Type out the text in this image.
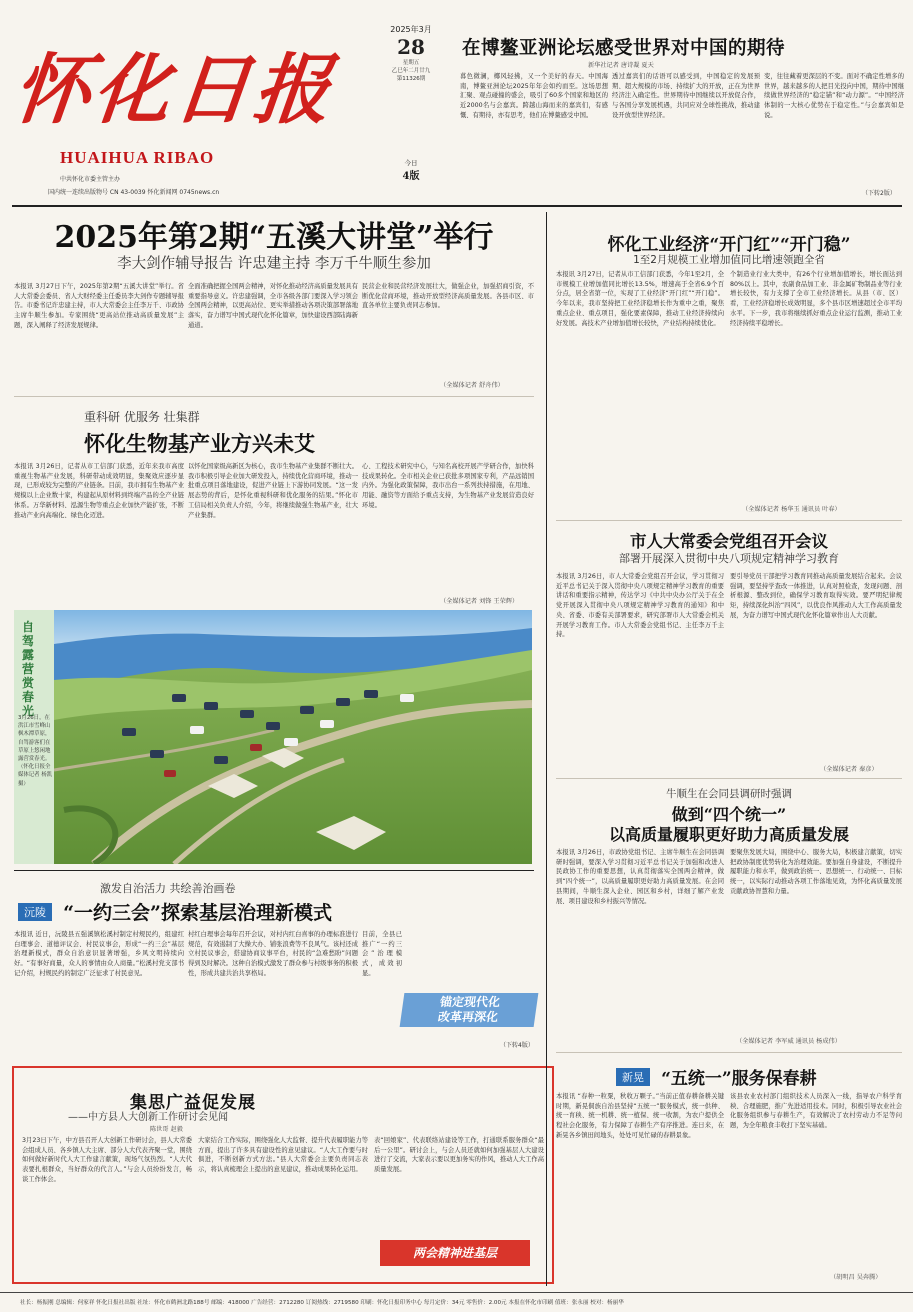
怀化日报
HUAIHUA RIBAO
中共怀化市委主管主办
国内统一连续出版物号 CN 43-0039 怀化新闻网 0745news.cn
2025年3月
28
星期五
乙巳年二月廿九
第11326期
今日
4版
在博鳌亚洲论坛感受世界对中国的期待
新华社记者 唐诗凝 夏天
暮色微澜，椰风轻拂，又一个美好的春天。中国海南，博鳌亚洲论坛2025年年会如约而至。这场思想汇聚、观点碰撞的盛会，吸引了60多个国家和地区的近2000名与会嘉宾。跨越山海而来的嘉宾们，有感慨、有期待，亦有思考，他们在博鳌感受中国。
透过嘉宾们的话语可以感受到，中国稳定的发展预期、超大规模的市场、持续扩大的开放，正在为世界经济注入确定性。世界期待中国继续以开放促合作，与各国分享发展机遇，共同应对全球性挑战，推动建设开放型世界经济。
变，往往藏着更深层的不变。面对不确定性增多的世界，越来越多的人把目光投向中国，期待中国继续做世界经济的“稳定锚”和“动力源”。“中国经济体制的一大核心优势在于稳定性。”与会嘉宾如是说。
（下转2版）
2025年第2期“五溪大讲堂”举行
李大剑作辅导报告 许忠建主持 李万千牛顺生参加
本报讯 3月27日下午，2025年第2期“五溪大讲堂”举行。省人大常委会委员、省人大财经委主任委员李大剑作专题辅导报告。市委书记许忠建主持，市人大常委会主任李万千、市政协主席牛顺生参加。专家围绕“更高站位推动高质量发展”主题，深入阐释了经济发展规律。
全面准确把握全国两会精神，对怀化推动经济高质量发展具有重要指导意义。许忠建强调，全市各级各部门要深入学习领会全国两会精神，以更高站位、更实举措推动各项决策部署落地落实，奋力谱写中国式现代化怀化篇章，加快建设西部陆海新通道。
民营企业和民营经济发展壮大，做强企业，加强招商引资，不断优化营商环境，推动开放型经济高质量发展。各县市区、市直各单位主要负责同志参加。
（全媒体记者 舒舟伟）
重科研 优服务 壮集群
怀化生物基产业方兴未艾
本报讯 3月26日，记者从市工信部门获悉，近年来我市高度重视生物基产业发展，科研带动成效明显，集聚效应逐步显现，已形成较为完整的产业链条。目前，我市拥有生物基产业规模以上企业数十家，构建起从原材料到终端产品的全产业链体系。万华新材料、泓源生物等重点企业加快产能扩张，不断推动产业向高端化、绿色化迈进。
以怀化国家级高新区为核心，我市生物基产业集群不断壮大。我市积极引导企业加大研发投入，持续优化营商环境，推动一批重点项目落地建设，促进产业链上下游协同发展。“这一发展态势的背后，是怀化重视科研和优化服务的结果。”怀化市工信局相关负责人介绍，今年，将继续做强生物基产业，壮大产业集群。
心、工程技术研究中心，与知名高校开展产学研合作，加快科技成果转化。全市相关企业已获批多项国家专利，产品远销国内外。为强化政策保障，我市出台一系列扶持措施，在用地、用能、融资等方面给予重点支持，为生物基产业发展营造良好环境。
（全媒体记者 刘锋 王荣辉）
自驾露营赏春光
3月26日，在洪江市雪峰山枫木潭草原，自驾游客们在草原上悠闲地露营赏春光。（怀化日报全媒体记者 杨凯 摄）
激发自治活力 共绘善治画卷
沅陵 “一约三会”探索基层治理新模式
本报讯 近日，沅陵县五强溪镇松溪村制定村规民约，组建红白理事会、道德评议会、村民议事会，形成“一约三会”基层治理新模式，群众自治意识显著增强，乡风文明持续向好。“有事好商量，众人的事情由众人商量。”松溪村党支部书记介绍，村规民约的制定广泛征求了村民意见。
村红白理事会每年召开会议，对村内红白喜事的办理标准进行规范，有效遏制了大操大办、铺张浪费等不良风气。该村还成立村民议事会，搭建协商议事平台，村民的“急难愁盼”问题得到及时解决。这种自治模式激发了群众参与村级事务的积极性，形成共建共治共享格局。
目前，全县已推广“一约三会”治理模式，成效初显。
锚定现代化
改革再深化
（下转4版）
集思广益促发展
——中方县人大创新工作研讨会见闻
陈世哥 赵毅
3月23日下午，中方县召开人大创新工作研讨会，县人大常委会组成人员、各乡镇人大主席、部分人大代表齐聚一堂，围绕如何做好新时代人大工作建言献策，现场气氛热烈。“人大代表要扎根群众，当好群众的代言人。”与会人员纷纷发言，畅谈工作体会。
大家结合工作实际，围绕强化人大监督、提升代表履职能力等方面，提出了许多具有建设性的意见建议。“人大工作要与时俱进，不断创新方式方法。”县人大常委会主要负责同志表示，将认真梳理会上提出的意见建议，推动成果转化运用。
表“回娘家”、代表联络站建设等工作，打通联系服务群众“最后一公里”。研讨会上，与会人员还就如何加强基层人大建设进行了交流，大家表示要以更加务实的作风，推动人大工作高质量发展。
两会精神进基层
怀化工业经济“开门红”“开门稳”
1至2月规模工业增加值同比增速领跑全省
本报讯 3月27日，记者从市工信部门获悉，今年1至2月，全市规模工业增加值同比增长13.5%，增速高于全省6.9个百分点，居全省第一位，实现了工业经济“开门红”“开门稳”。今年以来，我市坚持把工业经济稳增长作为重中之重，聚焦重点企业、重点项目，强化要素保障，推动工业经济持续向好发展。高技术产业增加值增长较快，产业结构持续优化。
个制造业行业大类中，有26个行业增加值增长，增长面达到80%以上。其中，农副食品加工业、非金属矿物制品业等行业增长较快，有力支撑了全市工业经济增长。从县（市、区）看，工业经济稳增长成效明显，多个县市区增速超过全市平均水平。下一步，我市将继续抓好重点企业运行监测，推动工业经济持续平稳增长。
（全媒体记者 杨华玉 通讯员 叶春）
市人大常委会党组召开会议
部署开展深入贯彻中央八项规定精神学习教育
本报讯 3月26日，市人大常委会党组召开会议，学习贯彻习近平总书记关于深入贯彻中央八项规定精神学习教育的重要讲话和重要指示精神，传达学习《中共中央办公厅关于在全党开展深入贯彻中央八项规定精神学习教育的通知》和中央、省委、市委有关部署要求，研究部署市人大常委会机关开展学习教育工作。市人大常委会党组书记、主任李万千主持。
要引导党员干部把学习教育同推动高质量发展结合起来。会议强调，要坚持学查改一体推进，认真对照检查，发现问题、剖析根源、整改到位，确保学习教育取得实效。要严明纪律规矩，持续深化纠治“四风”，以优良作风推动人大工作高质量发展，为奋力谱写中国式现代化怀化篇章作出人大贡献。
（全媒体记者 秦彦）
牛顺生在会同县调研时强调
做到“四个统一”
以高质量履职更好助力高质量发展
本报讯 3月26日，市政协党组书记、主席牛顺生在会同县调研时强调，要深入学习贯彻习近平总书记关于加强和改进人民政协工作的重要思想，认真贯彻落实全国两会精神，做到“四个统一”，以高质量履职更好助力高质量发展。在会同县期间，牛顺生深入企业、园区和乡村，详细了解产业发展、项目建设和乡村振兴等情况。
要聚焦发展大局，围绕中心、服务大局，积极建言献策，切实把政协制度优势转化为治理效能。要加强自身建设，不断提升履职能力和水平，做到政治统一、思想统一、行动统一、目标统一，以实际行动推动各项工作落地见效，为怀化高质量发展贡献政协智慧和力量。
（全媒体记者 李军威 通讯员 杨成伟）
新晃 “五统一”服务保春耕
本报讯 “春种一粒粟，秋收万颗子。”当前正值春耕备耕关键时期，新晃侗族自治县坚持“五统一”服务模式，统一供种、统一育秧、统一机耕、统一植保、统一收割，为农户提供全程社会化服务，有力保障了春耕生产有序推进。连日来，在新晃各乡镇田间地头，处处可见忙碌的春耕景象。
该县农业农村部门组织技术人员深入一线，指导农户科学育秧、合理施肥，推广先进适用技术。同时，积极引导农业社会化服务组织参与春耕生产，有效解决了农村劳动力不足等问题，为全年粮食丰收打下坚实基础。
（胡明昌 吴奔腾）
社长：杨振刚 总编辑：何家祥 怀化日报社出版 社址：怀化市鹤洲北路188号 邮编：418000 广告经营：2712280 订阅热线：2719580 印刷：怀化日报印务中心 每月定价：34元 零售价：2.00元 本报在怀化市印刷 值班：张永丽 校对：杨丽华
